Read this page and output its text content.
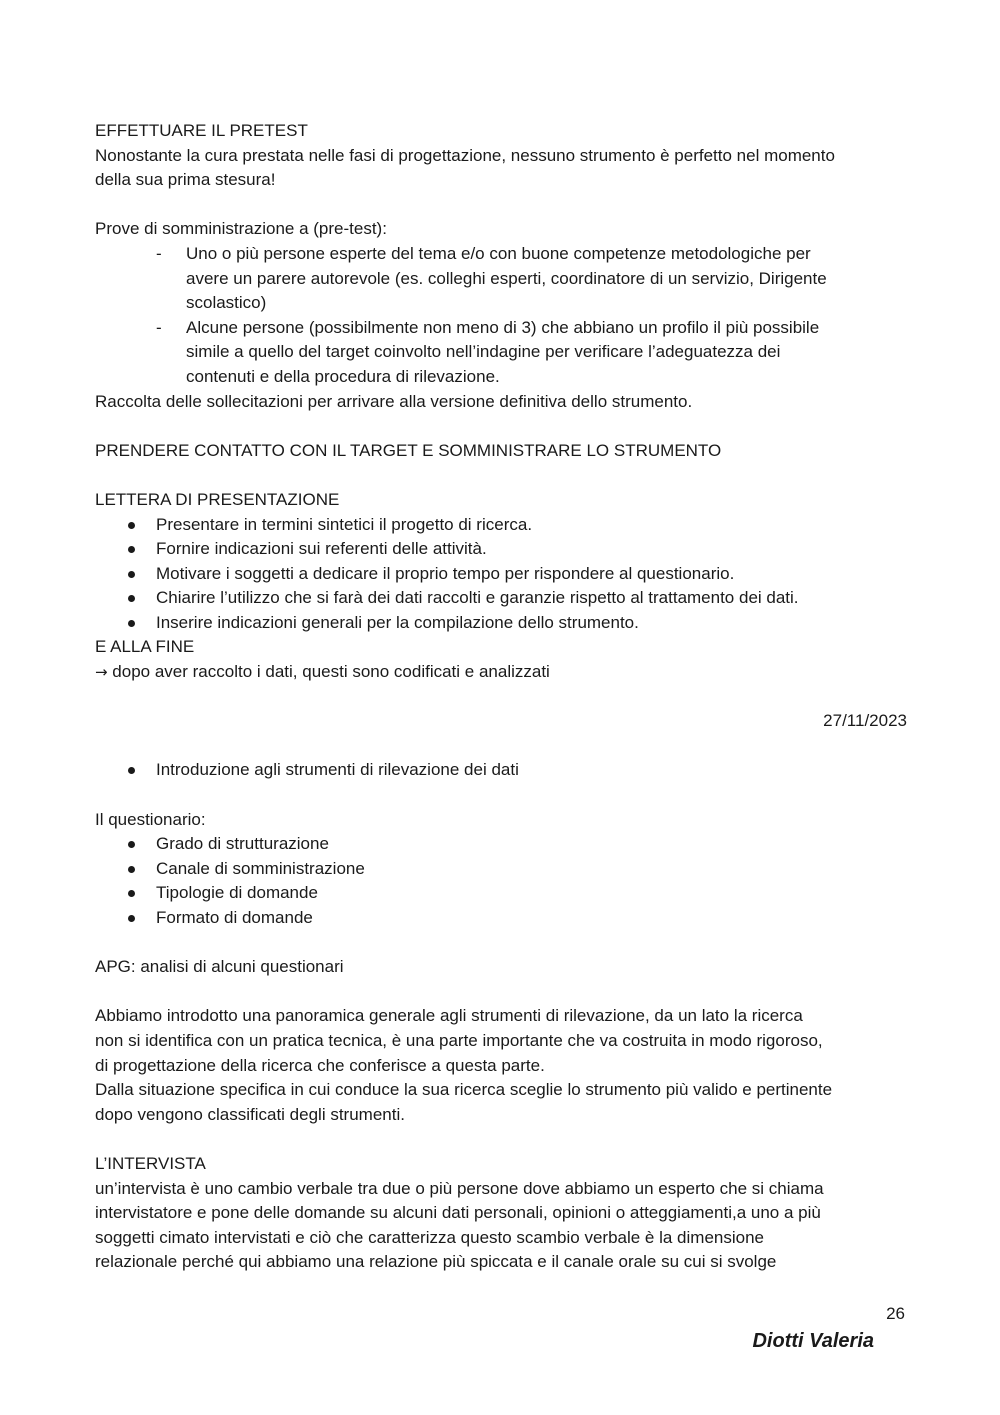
EFFETTUARE IL PRETEST

Nonostante la cura prestata nelle fasi di progettazione, nessuno strumento è perfetto nel momento

della sua prima stesura!

Prove di somministrazione a (pre-test):

- Uno o più persone esperte del tema e/o con buone competenze metodologiche per
avere un parere autorevole (es. colleghi esperti, coordinatore di un servizio, Dirigente
scolastico)
- Alcune persone (possibilmente non meno di 3) che abbiano un profilo il più possibile
simile a quello del target coinvolto nell’indagine per verificare l’adeguatezza dei
contenuti e della procedura di rilevazione.

Raccolta delle sollecitazioni per arrivare alla versione definitiva dello strumento.

PRENDERE CONTATTO CON IL TARGET E SOMMINISTRARE LO STRUMENTO

LETTERA DI PRESENTAZIONE

Presentare in termini sintetici il progetto di ricerca.
Fornire indicazioni sui referenti delle attività.
Motivare i soggetti a dedicare il proprio tempo per rispondere al questionario.
Chiarire l’utilizzo che si farà dei dati raccolti e garanzie rispetto al trattamento dei dati.
Inserire indicazioni generali per la compilazione dello strumento.

E ALLA FINE

→ dopo aver raccolto i dati, questi sono codificati e analizzati

27/11/2023

Introduzione agli strumenti di rilevazione dei dati

Il questionario:

Grado di strutturazione
Canale di somministrazione
Tipologie di domande
Formato di domande

APG: analisi di alcuni questionari

Abbiamo introdotto una panoramica generale agli strumenti di rilevazione, da un lato la ricerca

non si identifica con un pratica tecnica, è una parte importante che va costruita in modo rigoroso,

di progettazione della ricerca che conferisce a questa parte.

Dalla situazione specifica in cui conduce la sua ricerca sceglie lo strumento più valido e pertinente

dopo vengono classificati degli strumenti.

L’INTERVISTA

un’intervista è uno cambio verbale tra due o più persone dove abbiamo un esperto che si chiama

intervistatore e pone delle domande su alcuni dati personali, opinioni o atteggiamenti,a uno a più

soggetti cimato intervistati e ciò che caratterizza questo scambio verbale è la dimensione

relazionale perché qui abbiamo una relazione più spiccata e il canale orale su cui si svolge

26
Diotti Valeria
